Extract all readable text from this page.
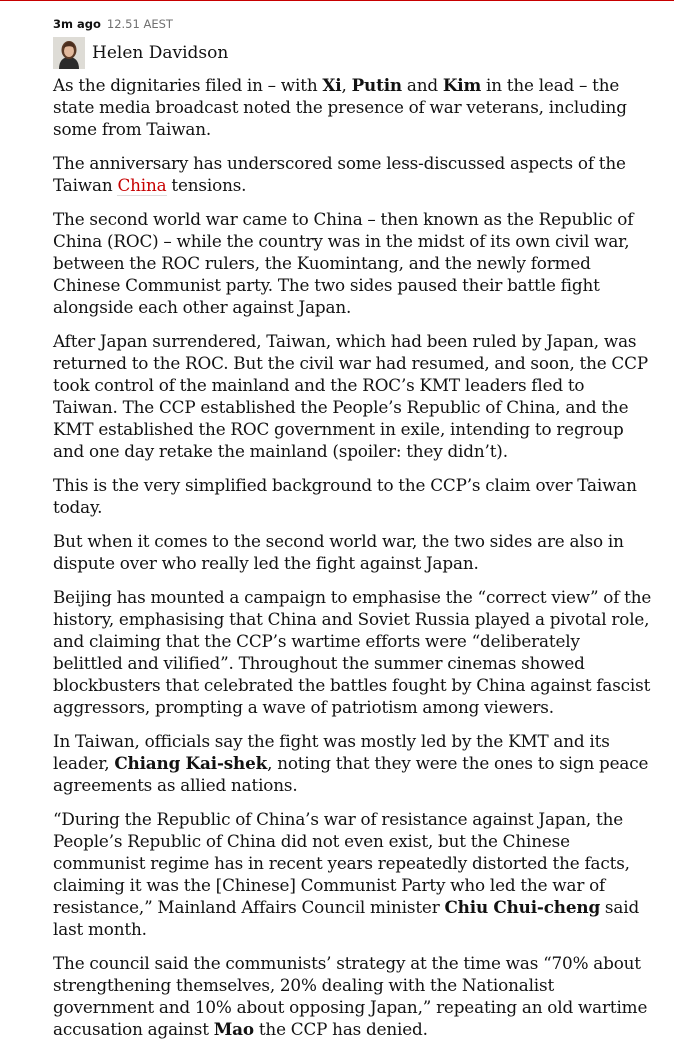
3m ago 12.51 AEST
Helen Davidson

As the dignitaries filed in – with Xi, Putin and Kim in the lead – the state media broadcast noted the presence of war veterans, including some from Taiwan.

The anniversary has underscored some less-discussed aspects of the Taiwan China tensions.

The second world war came to China – then known as the Republic of China (ROC) – while the country was in the midst of its own civil war, between the ROC rulers, the Kuomintang, and the newly formed Chinese Communist party. The two sides paused their battle fight alongside each other against Japan.

After Japan surrendered, Taiwan, which had been ruled by Japan, was returned to the ROC. But the civil war had resumed, and soon, the CCP took control of the mainland and the ROC’s KMT leaders fled to Taiwan. The CCP established the People’s Republic of China, and the KMT established the ROC government in exile, intending to regroup and one day retake the mainland (spoiler: they didn’t).

This is the very simplified background to the CCP’s claim over Taiwan today.

But when it comes to the second world war, the two sides are also in dispute over who really led the fight against Japan.

Beijing has mounted a campaign to emphasise the “correct view” of the history, emphasising that China and Soviet Russia played a pivotal role, and claiming that the CCP’s wartime efforts were “deliberately belittled and vilified”. Throughout the summer cinemas showed blockbusters that celebrated the battles fought by China against fascist aggressors, prompting a wave of patriotism among viewers.

In Taiwan, officials say the fight was mostly led by the KMT and its leader, Chiang Kai-shek, noting that they were the ones to sign peace agreements as allied nations.

“During the Republic of China’s war of resistance against Japan, the People’s Republic of China did not even exist, but the Chinese communist regime has in recent years repeatedly distorted the facts, claiming it was the [Chinese] Communist Party who led the war of resistance,” Mainland Affairs Council minister Chiu Chui-cheng said last month.

The council said the communists’ strategy at the time was “70% about strengthening themselves, 20% dealing with the Nationalist government and 10% about opposing Japan,” repeating an old wartime accusation against Mao the CCP has denied.
